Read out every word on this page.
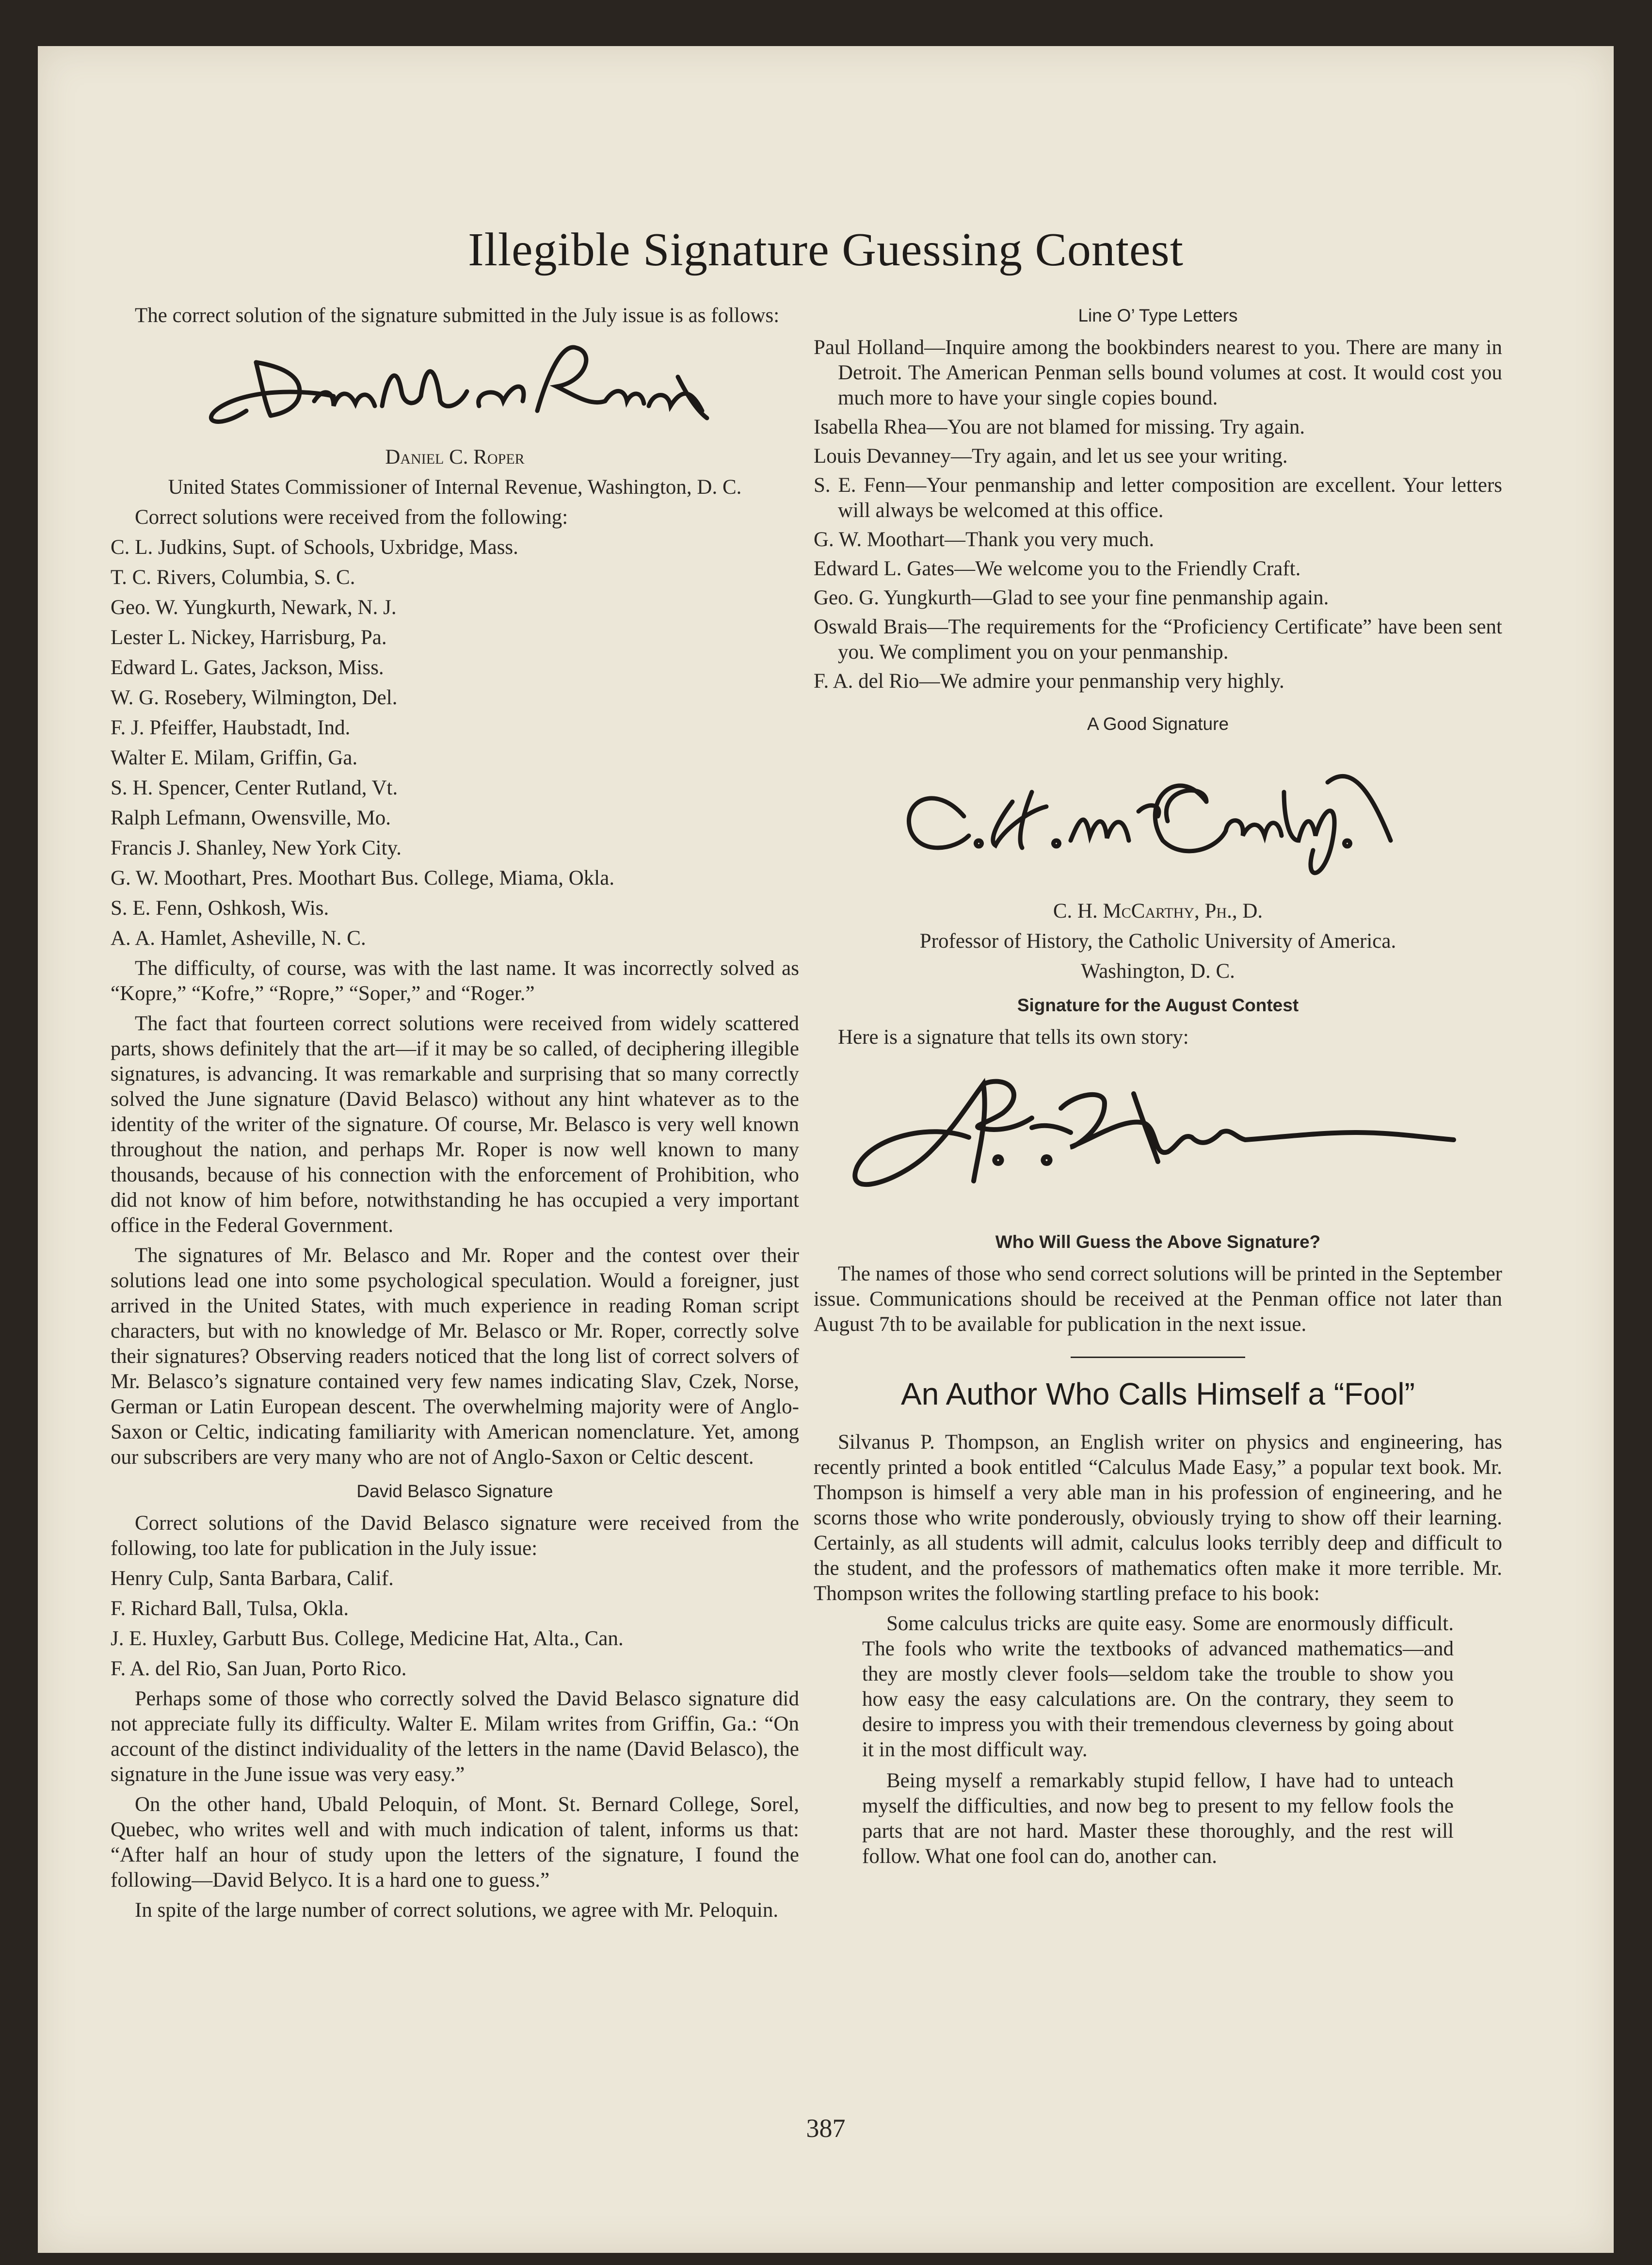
Illegible Signature Guessing Contest

The correct solution of the signature submitted in the July issue is as follows:

Daniel C. Roper

United States Commissioner of Internal Revenue, Washington, D. C.

Correct solutions were received from the following:

C. L. Judkins, Supt. of Schools, Uxbridge, Mass.
T. C. Rivers, Columbia, S. C.
Geo. W. Yungkurth, Newark, N. J.
Lester L. Nickey, Harrisburg, Pa.
Edward L. Gates, Jackson, Miss.
W. G. Rosebery, Wilmington, Del.
F. J. Pfeiffer, Haubstadt, Ind.
Walter E. Milam, Griffin, Ga.
S. H. Spencer, Center Rutland, Vt.
Ralph Lefmann, Owensville, Mo.
Francis J. Shanley, New York City.
G. W. Moothart, Pres. Moothart Bus. College, Miama, Okla.
S. E. Fenn, Oshkosh, Wis.
A. A. Hamlet, Asheville, N. C.

The difficulty, of course, was with the last name. It was incorrectly solved as “Kopre,” “Kofre,” “Ropre,” “Soper,” and “Roger.”

The fact that fourteen correct solutions were received from widely scattered parts, shows definitely that the art—if it may be so called, of deciphering illegible signatures, is advancing. It was remarkable and surprising that so many correctly solved the June signature (David Belasco) without any hint whatever as to the identity of the writer of the signature. Of course, Mr. Belasco is very well known throughout the nation, and perhaps Mr. Roper is now well known to many thousands, because of his connection with the enforcement of Prohibition, who did not know of him before, notwithstanding he has occupied a very important office in the Federal Government.

The signatures of Mr. Belasco and Mr. Roper and the contest over their solutions lead one into some psychological speculation. Would a foreigner, just arrived in the United States, with much experience in reading Roman script characters, but with no knowledge of Mr. Belasco or Mr. Roper, correctly solve their signatures? Observing readers noticed that the long list of correct solvers of Mr. Belasco’s signature contained very few names indicating Slav, Czek, Norse, German or Latin European descent. The overwhelming majority were of Anglo-Saxon or Celtic, indicating familiarity with American nomenclature. Yet, among our subscribers are very many who are not of Anglo-Saxon or Celtic descent.

David Belasco Signature

Correct solutions of the David Belasco signature were received from the following, too late for publication in the July issue:

Henry Culp, Santa Barbara, Calif.
F. Richard Ball, Tulsa, Okla.
J. E. Huxley, Garbutt Bus. College, Medicine Hat, Alta., Can.
F. A. del Rio, San Juan, Porto Rico.

Perhaps some of those who correctly solved the David Belasco signature did not appreciate fully its difficulty. Walter E. Milam writes from Griffin, Ga.: “On account of the distinct individuality of the letters in the name (David Belasco), the signature in the June issue was very easy.”

On the other hand, Ubald Peloquin, of Mont. St. Bernard College, Sorel, Quebec, who writes well and with much indication of talent, informs us that: “After half an hour of study upon the letters of the signature, I found the following—David Belyco. It is a hard one to guess.”

In spite of the large number of correct solutions, we agree with Mr. Peloquin.

Line O’ Type Letters
Paul Holland—Inquire among the bookbinders nearest to you. There are many in Detroit. The American Penman sells bound volumes at cost. It would cost you much more to have your single copies bound.
Isabella Rhea—You are not blamed for missing. Try again.
Louis Devanney—Try again, and let us see your writing.
S. E. Fenn—Your penmanship and letter composition are excellent. Your letters will always be welcomed at this office.
G. W. Moothart—Thank you very much.
Edward L. Gates—We welcome you to the Friendly Craft.
Geo. G. Yungkurth—Glad to see your fine penmanship again.
Oswald Brais—The requirements for the “Proficiency Certificate” have been sent you. We compliment you on your penmanship.
F. A. del Rio—We admire your penmanship very highly.
A Good Signature

C. H. McCarthy, Ph., D.

Professor of History, the Catholic University of America.

Washington, D. C.

Signature for the August Contest

Here is a signature that tells its own story:

Who Will Guess the Above Signature?

The names of those who send correct solutions will be printed in the September issue. Communications should be received at the Penman office not later than August 7th to be available for publication in the next issue.

An Author Who Calls Himself a “Fool”

Silvanus P. Thompson, an English writer on physics and engineering, has recently printed a book entitled “Calculus Made Easy,” a popular text book. Mr. Thompson is himself a very able man in his profession of engineering, and he scorns those who write ponderously, obviously trying to show off their learning. Certainly, as all students will admit, calculus looks terribly deep and difficult to the student, and the professors of mathematics often make it more terrible. Mr. Thompson writes the following startling preface to his book:

Some calculus tricks are quite easy. Some are enormously difficult. The fools who write the textbooks of advanced mathematics—and they are mostly clever fools—seldom take the trouble to show you how easy the easy calculations are. On the contrary, they seem to desire to impress you with their tremendous cleverness by going about it in the most difficult way.

Being myself a remarkably stupid fellow, I have had to unteach myself the difficulties, and now beg to present to my fellow fools the parts that are not hard. Master these thoroughly, and the rest will follow. What one fool can do, another can.

387
